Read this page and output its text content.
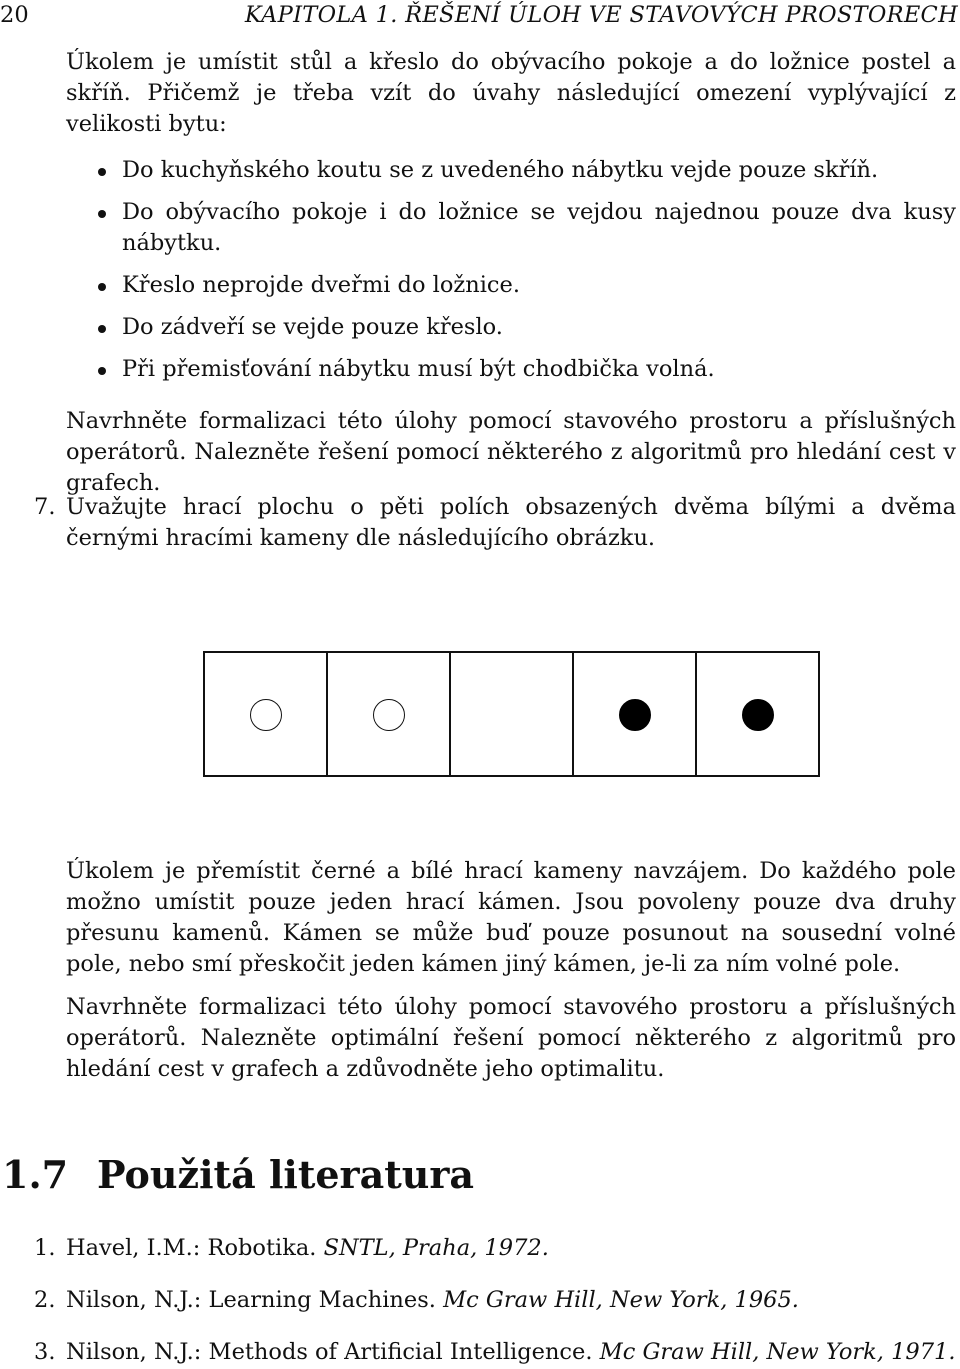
20	KAPITOLA 1. ŘEŠENÍ ÚLOH VE STAVOVÝCH PROSTORECH

Úkolem je umístit stůl a křeslo do obývacího pokoje a do ložnice postel a skříň. Přičemž je třeba vzít do úvahy následující omezení vyplývající z velikosti bytu:

Do kuchyňského koutu se z uvedeného nábytku vejde pouze skříň.
Do obývacího pokoje i do ložnice se vejdou najednou pouze dva kusy nábytku.
Křeslo neprojde dveřmi do ložnice.
Do zádveří se vejde pouze křeslo.
Při přemisťování nábytku musí být chodbička volná.

Navrhněte formalizaci této úlohy pomocí stavového prostoru a příslušných operátorů. Nalezněte řešení pomocí některého z algoritmů pro hledání cest v grafech.

7. Uvažujte hrací plochu o pěti polích obsazených dvěma bílými a dvěma černými hracími kameny dle následujícího obrázku.

Úkolem je přemístit černé a bílé hrací kameny navzájem. Do každého pole možno umístit pouze jeden hrací kámen. Jsou povoleny pouze dva druhy přesunu kamenů. Kámen se může buď pouze posunout na sousední volné pole, nebo smí přeskočit jeden kámen jiný kámen, je-li za ním volné pole.

Navrhněte formalizaci této úlohy pomocí stavového prostoru a příslušných operátorů. Nalezněte optimální řešení pomocí některého z algoritmů pro hledání cest v grafech a zdůvodněte jeho optimalitu.

1.7 Použitá literatura
1. Havel, I.M.: Robotika. SNTL, Praha, 1972.
2. Nilson, N.J.: Learning Machines. Mc Graw Hill, New York, 1965.
3. Nilson, N.J.: Methods of Artificial Intelligence. Mc Graw Hill, New York, 1971.
